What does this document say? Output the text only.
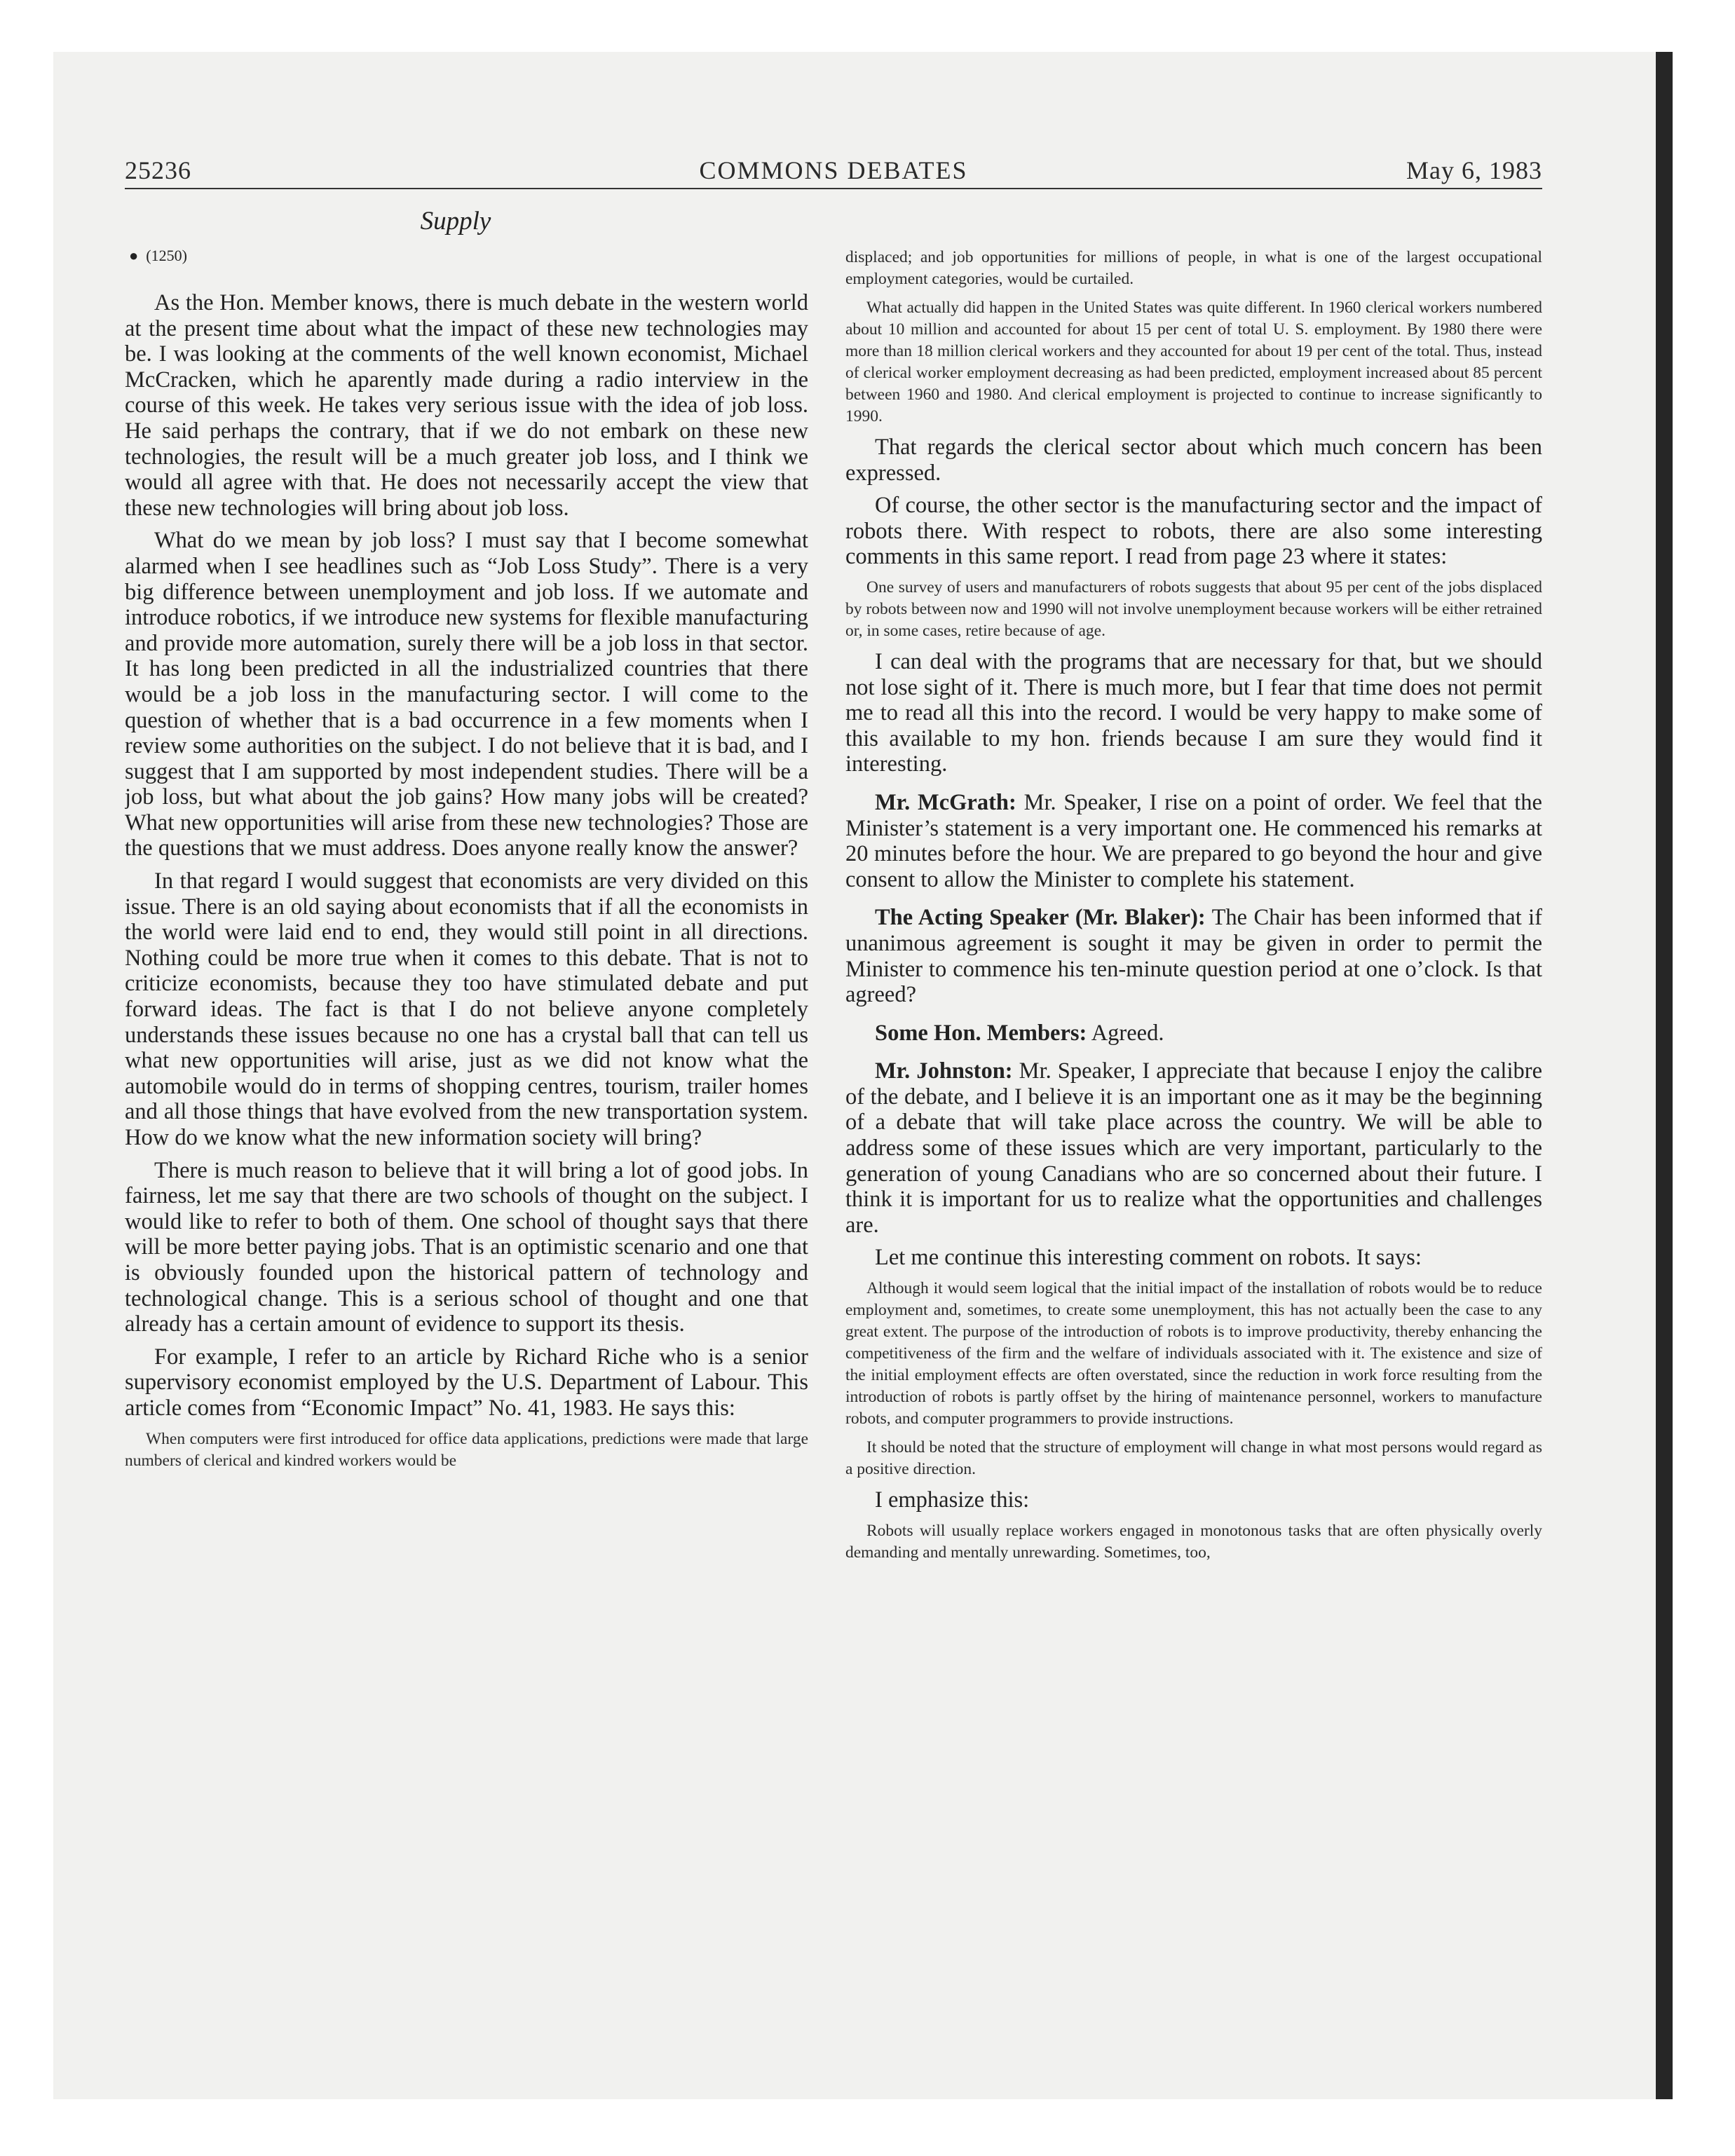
25236	COMMONS DEBATES	May 6, 1983
Supply
● (1250)

As the Hon. Member knows, there is much debate in the western world at the present time about what the impact of these new technologies may be. I was looking at the comments of the well known economist, Michael McCracken, which he aparently made during a radio interview in the course of this week. He takes very serious issue with the idea of job loss. He said perhaps the contrary, that if we do not embark on these new technologies, the result will be a much greater job loss, and I think we would all agree with that. He does not necessarily accept the view that these new technologies will bring about job loss.

What do we mean by job loss? I must say that I become somewhat alarmed when I see headlines such as “Job Loss Study”. There is a very big difference between unemployment and job loss. If we automate and introduce robotics, if we introduce new systems for flexible manufacturing and provide more automation, surely there will be a job loss in that sector. It has long been predicted in all the industrialized countries that there would be a job loss in the manufacturing sector. I will come to the question of whether that is a bad occurrence in a few moments when I review some authorities on the subject. I do not believe that it is bad, and I suggest that I am supported by most independent studies. There will be a job loss, but what about the job gains? How many jobs will be created? What new opportunities will arise from these new technologies? Those are the questions that we must address. Does anyone really know the answer?

In that regard I would suggest that economists are very divided on this issue. There is an old saying about economists that if all the economists in the world were laid end to end, they would still point in all directions. Nothing could be more true when it comes to this debate. That is not to criticize economists, because they too have stimulated debate and put forward ideas. The fact is that I do not believe anyone completely understands these issues because no one has a crystal ball that can tell us what new opportunities will arise, just as we did not know what the automobile would do in terms of shopping centres, tourism, trailer homes and all those things that have evolved from the new transportation system. How do we know what the new information society will bring?

There is much reason to believe that it will bring a lot of good jobs. In fairness, let me say that there are two schools of thought on the subject. I would like to refer to both of them. One school of thought says that there will be more better paying jobs. That is an optimistic scenario and one that is obviously founded upon the historical pattern of technology and technological change. This is a serious school of thought and one that already has a certain amount of evidence to support its thesis.

For example, I refer to an article by Richard Riche who is a senior supervisory economist employed by the U.S. Department of Labour. This article comes from “Economic Impact” No. 41, 1983. He says this:

When computers were first introduced for office data applications, predictions were made that large numbers of clerical and kindred workers would be

displaced; and job opportunities for millions of people, in what is one of the largest occupational employment categories, would be curtailed.

What actually did happen in the United States was quite different. In 1960 clerical workers numbered about 10 million and accounted for about 15 per cent of total U. S. employment. By 1980 there were more than 18 million clerical workers and they accounted for about 19 per cent of the total. Thus, instead of clerical worker employment decreasing as had been predicted, employment increased about 85 percent between 1960 and 1980. And clerical employment is projected to continue to increase significantly to 1990.

That regards the clerical sector about which much concern has been expressed.

Of course, the other sector is the manufacturing sector and the impact of robots there. With respect to robots, there are also some interesting comments in this same report. I read from page 23 where it states:

One survey of users and manufacturers of robots suggests that about 95 per cent of the jobs displaced by robots between now and 1990 will not involve unemployment because workers will be either retrained or, in some cases, retire because of age.

I can deal with the programs that are necessary for that, but we should not lose sight of it. There is much more, but I fear that time does not permit me to read all this into the record. I would be very happy to make some of this available to my hon. friends because I am sure they would find it interesting.

Mr. McGrath: Mr. Speaker, I rise on a point of order. We feel that the Minister’s statement is a very important one. He commenced his remarks at 20 minutes before the hour. We are prepared to go beyond the hour and give consent to allow the Minister to complete his statement.

The Acting Speaker (Mr. Blaker): The Chair has been informed that if unanimous agreement is sought it may be given in order to permit the Minister to commence his ten-minute question period at one o’clock. Is that agreed?

Some Hon. Members: Agreed.

Mr. Johnston: Mr. Speaker, I appreciate that because I enjoy the calibre of the debate, and I believe it is an important one as it may be the beginning of a debate that will take place across the country. We will be able to address some of these issues which are very important, particularly to the generation of young Canadians who are so concerned about their future. I think it is important for us to realize what the opportunities and challenges are.

Let me continue this interesting comment on robots. It says:

Although it would seem logical that the initial impact of the installation of robots would be to reduce employment and, sometimes, to create some unemployment, this has not actually been the case to any great extent. The purpose of the introduction of robots is to improve productivity, thereby enhancing the competitiveness of the firm and the welfare of individuals associated with it. The existence and size of the initial employment effects are often overstated, since the reduction in work force resulting from the introduction of robots is partly offset by the hiring of maintenance personnel, workers to manufacture robots, and computer programmers to provide instructions.

It should be noted that the structure of employment will change in what most persons would regard as a positive direction.

I emphasize this:

Robots will usually replace workers engaged in monotonous tasks that are often physically overly demanding and mentally unrewarding. Sometimes, too,
